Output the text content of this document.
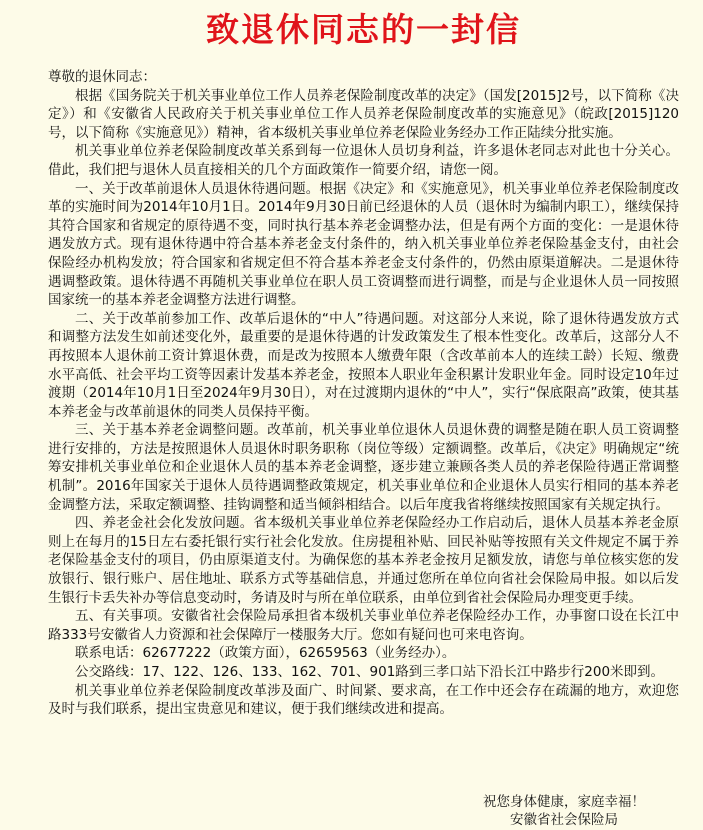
致退休同志的一封信

尊敬的退休同志：

根据《国务院关于机关事业单位工作人员养老保险制度改革的决定》（国发[2015]2号，以下简称《决定》）和《安徽省人民政府关于机关事业单位工作人员养老保险制度改革的实施意见》（皖政[2015]120号，以下简称《实施意见》）精神，省本级机关事业单位养老保险业务经办工作正陆续分批实施。

机关事业单位养老保险制度改革关系到每一位退休人员切身利益，许多退休老同志对此也十分关心。借此，我们把与退休人员直接相关的几个方面政策作一简要介绍，请您一阅。

一、关于改革前退休人员退休待遇问题。根据《决定》和《实施意见》，机关事业单位养老保险制度改革的实施时间为2014年10月1日。2014年9月30日前已经退休的人员（退休时为编制内职工），继续保持其符合国家和省规定的原待遇不变，同时执行基本养老金调整办法，但是有两个方面的变化：一是退休待遇发放方式。现有退休待遇中符合基本养老金支付条件的，纳入机关事业单位养老保险基金支付，由社会保险经办机构发放；符合国家和省规定但不符合基本养老金支付条件的，仍然由原渠道解决。二是退休待遇调整政策。退休待遇不再随机关事业单位在职人员工资调整而进行调整，而是与企业退休人员一同按照国家统一的基本养老金调整方法进行调整。

二、关于改革前参加工作、改革后退休的“中人”待遇问题。对这部分人来说，除了退休待遇发放方式和调整方法发生如前述变化外，最重要的是退休待遇的计发政策发生了根本性变化。改革后，这部分人不再按照本人退休前工资计算退休费，而是改为按照本人缴费年限（含改革前本人的连续工龄）长短、缴费水平高低、社会平均工资等因素计发基本养老金，按照本人职业年金积累计发职业年金。同时设定10年过渡期（2014年10月1日至2024年9月30日），对在过渡期内退休的“中人”，实行“保底限高”政策，使其基本养老金与改革前退休的同类人员保持平衡。

三、关于基本养老金调整问题。改革前，机关事业单位退休人员退休费的调整是随在职人员工资调整进行安排的，方法是按照退休人员退休时职务职称（岗位等级）定额调整。改革后，《决定》明确规定“统筹安排机关事业单位和企业退休人员的基本养老金调整，逐步建立兼顾各类人员的养老保险待遇正常调整机制”。2016年国家关于退休人员待遇调整政策规定，机关事业单位和企业退休人员实行相同的基本养老金调整方法，采取定额调整、挂钩调整和适当倾斜相结合。以后年度我省将继续按照国家有关规定执行。

四、养老金社会化发放问题。省本级机关事业单位养老保险经办工作启动后，退休人员基本养老金原则上在每月的15日左右委托银行实行社会化发放。住房提租补贴、回民补贴等按照有关文件规定不属于养老保险基金支付的项目，仍由原渠道支付。为确保您的基本养老金按月足额发放，请您与单位核实您的发放银行、银行账户、居住地址、联系方式等基础信息，并通过您所在单位向省社会保险局申报。如以后发生银行卡丢失补办等信息变动时，务请及时与所在单位联系，由单位到省社会保险局办理变更手续。

五、有关事项。安徽省社会保险局承担省本级机关事业单位养老保险经办工作，办事窗口设在长江中路333号安徽省人力资源和社会保障厅一楼服务大厅。您如有疑问也可来电咨询。

联系电话：62677222（政策方面），62659563（业务经办）。

公交路线：17、122、126、133、162、701、901路到三孝口站下沿长江中路步行200米即到。

机关事业单位养老保险制度改革涉及面广、时间紧、要求高，在工作中还会存在疏漏的地方，欢迎您及时与我们联系，提出宝贵意见和建议，便于我们继续改进和提高。

祝您身体健康，家庭幸福！
安徽省社会保险局
